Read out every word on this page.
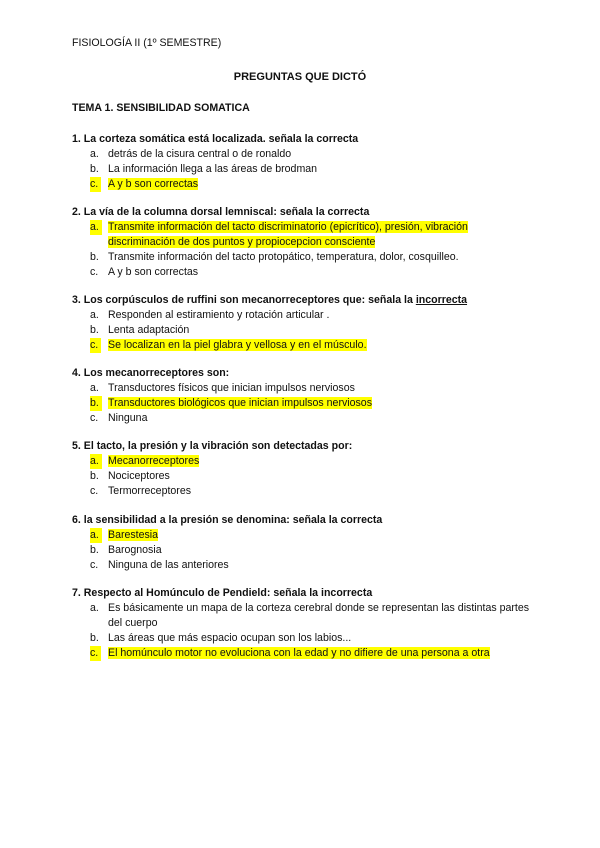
FISIOLOGÍA II (1º SEMESTRE)
PREGUNTAS QUE DICTÓ
TEMA 1. SENSIBILIDAD SOMATICA
1. La corteza somática está localizada. señala la correcta
a. detrás de la cisura central o de ronaldo
b. La información llega a las áreas de brodman
c. A y b son correctas
2. La vía de la columna dorsal lemniscal: señala la correcta
a. Transmite información del tacto discriminatorio (epicrítico), presión, vibración discriminación de dos puntos y propiocepcion consciente
b. Transmite información del tacto protopático, temperatura, dolor, cosquilleo.
c. A y b son correctas
3. Los corpúsculos de ruffini son mecanorreceptores que: señala la incorrecta
a. Responden al estiramiento y rotación articular .
b. Lenta adaptación
c. Se localizan en la piel glabra y vellosa y en el músculo.
4. Los mecanorreceptores son:
a. Transductores físicos que inician impulsos nerviosos
b. Transductores biológicos que inician impulsos nerviosos
c. Ninguna
5. El tacto, la presión y la vibración son detectadas por:
a. Mecanorreceptores
b. Nociceptores
c. Termorreceptores
6. la sensibilidad a la presión se denomina: señala la correcta
a. Barestesia
b. Barognosia
c. Ninguna de las anteriores
7. Respecto al Homúnculo de Pendield: señala la incorrecta
a. Es básicamente un mapa de la corteza cerebral donde se representan las distintas partes del cuerpo
b. Las áreas que más espacio ocupan son los labios...
c. El homúnculo motor no evoluciona con la edad y no difiere de una persona a otra
